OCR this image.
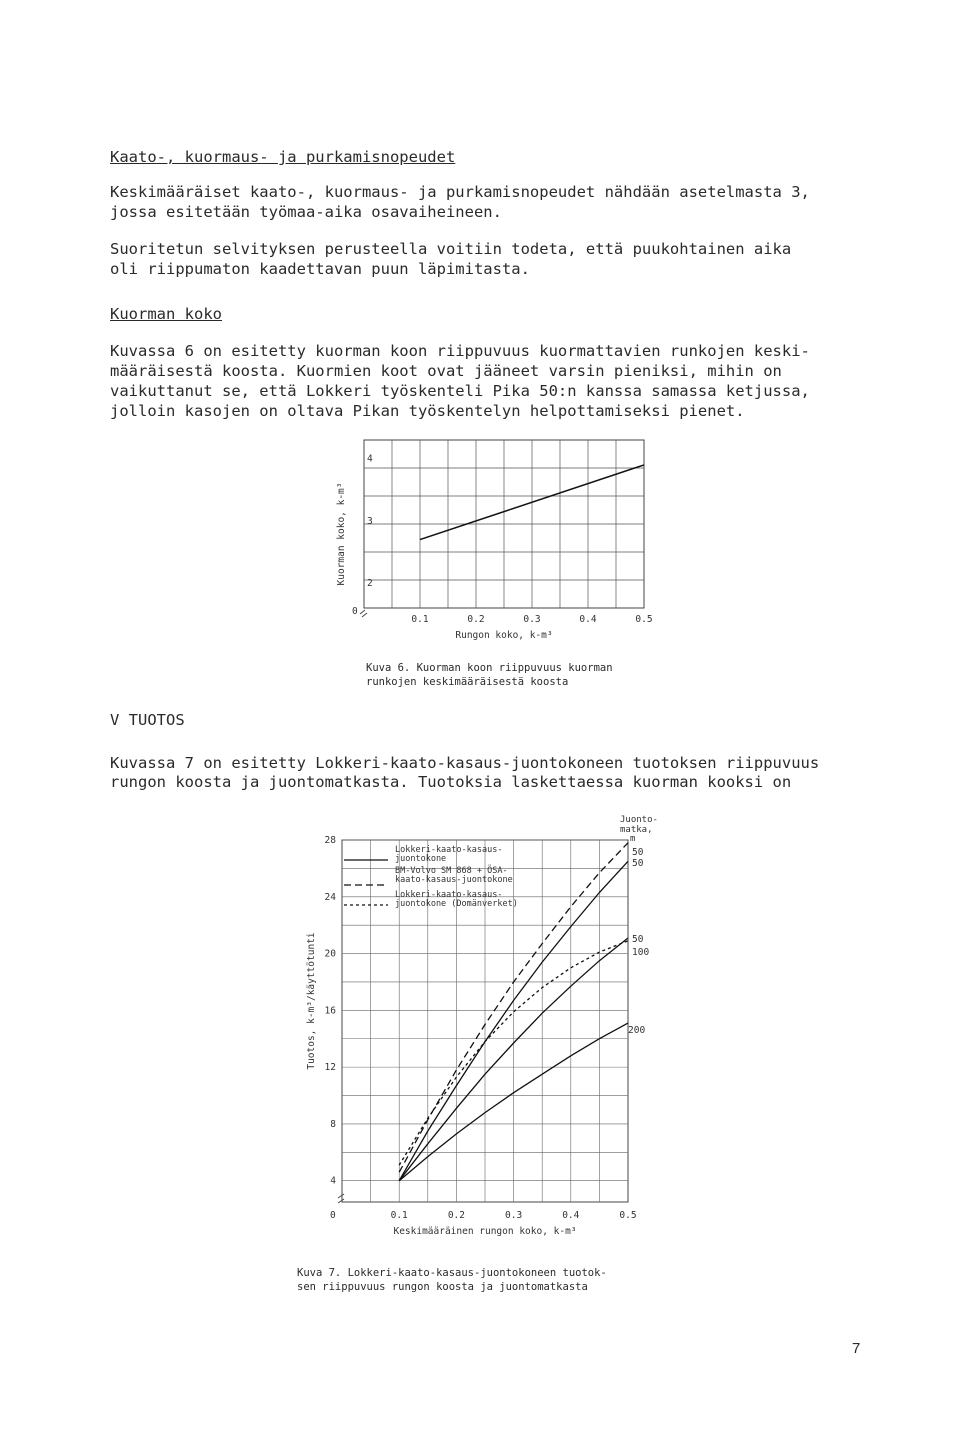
Kaato-, kuormaus- ja purkamisnopeudet
Keskimääräiset kaato-, kuormaus- ja purkamisnopeudet nähdään asetelmasta 3,
jossa esitetään työmaa-aika osavaiheineen.
Suoritetun selvityksen perusteella voitiin todeta, että puukohtainen aika
oli riippumaton kaadettavan puun läpimitasta.
Kuorman koko
Kuvassa 6 on esitetty kuorman koon riippuvuus kuormattavien runkojen keski-
määräisestä koosta. Kuormien koot ovat jääneet varsin pieniksi, mihin on
vaikuttanut se, että Lokkeri työskenteli Pika 50:n kanssa samassa ketjussa,
jolloin kasojen on oltava Pikan työskentelyn helpottamiseksi pienet.
0.1	0.2	0.3	0.4	0.5
2
3
4
0
Rungon koko, k-m³
Kuorman koko, k-m³
Kuva 6. Kuorman koon riippuvuus kuorman
runkojen keskimääräisestä koosta
V TUOTOS
Kuvassa 7 on esitetty Lokkeri-kaato-kasaus-juontokoneen tuotoksen riippuvuus
rungon koosta ja juontomatkasta. Tuotoksia laskettaessa kuorman kooksi on
0.1	0.2	0.3	0.4	0.5
4
8
12
16
20
24
28
0
Keskimääräinen rungon koko, k-m³
Tuotos, k-m³/käyttötunti
Lokkeri-kaato-kasaus-
juontokone
BM-Volvo SM 868 + ÖSA-
kaato-kasaus-juontokone
Lokkeri-kaato-kasaus-
juontokone (Domänverket)
Juonto-
matka,
m
50
50
50
100
200
Kuva 7. Lokkeri-kaato-kasaus-juontokoneen tuotok-
sen riippuvuus rungon koosta ja juontomatkasta
7
